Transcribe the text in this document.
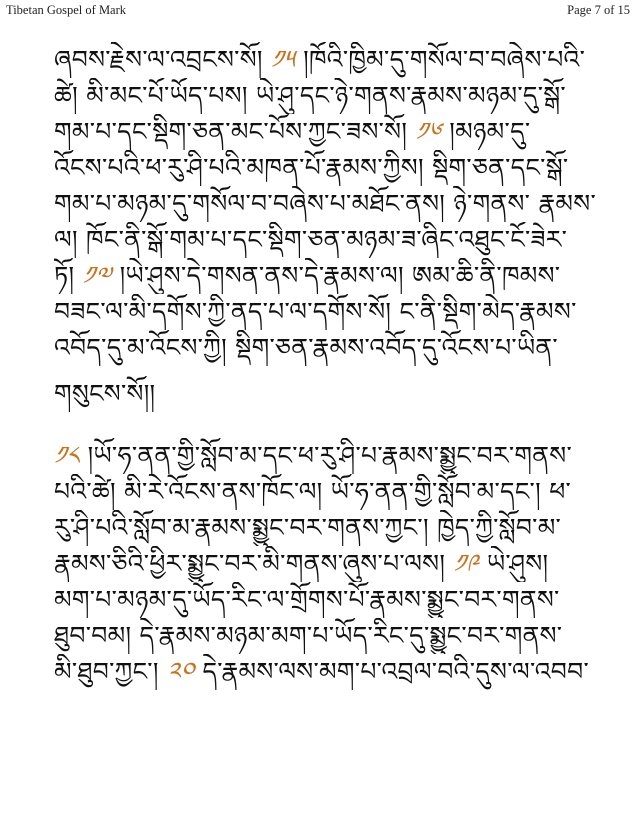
Tibetan Gospel of Mark	Page 7 of 15
ཞབས་རྗེས་ལ་འབྲངས་སོ། ༡༥ །ཁོའི་ཁྱིམ་དུ་གསོལ་བ་བཞེས་པའི་
ཚེ། མི་མང་པོ་ཡོད་པས། ཡེ་ཤུ་དང་ཉེ་གནས་རྣམས་མཉམ་དུ་སྒོ་
གམ་པ་དང་སྡིག་ཅན་མང་པོས་ཀྱང་ཟས་སོ། ༡༦ །མཉམ་དུ་
འོངས་པའི་ཕ་རུ་ཤི་པའི་མཁན་པོ་རྣམས་ཀྱིས། སྡིག་ཅན་དང་སྒོ་
གམ་པ་མཉམ་དུ་གསོལ་བ་བཞེས་པ་མཐོང་ནས། ཉེ་གནས་ རྣམས་
ལ། ཁོང་ནི་སྒོ་གམ་པ་དང་སྡིག་ཅན་མཉམ་ཟ་ཞིང་འཐུང་ངོ་ཟེར་
ཏོ། ༡༧ །ཡེ་ཤུས་དེ་གསན་ནས་དེ་རྣམས་ལ། ཨམ་ཆི་ནི་ཁམས་
བཟང་ལ་མི་དགོས་ཀྱི་ནད་པ་ལ་དགོས་སོ། ང་ནི་སྡིག་མེད་རྣམས་
འབོད་དུ་མ་འོངས་ཀྱི། སྡིག་ཅན་རྣམས་འབོད་དུ་འོངས་པ་ཡིན་
གསུངས་སོ།།
༡༨ །ཡོ་ཧ་ནན་གྱི་སློབ་མ་དང་ཕ་རུ་ཤི་པ་རྣམས་སྨྱུང་བར་གནས་
པའི་ཚེ། མི་རེ་འོངས་ནས་ཁོང་ལ། ཡོ་ཧ་ནན་གྱི་སློབ་མ་དང་། ཕ་
རུ་ཤི་པའི་སློབ་མ་རྣམས་སྨྱུང་བར་གནས་ཀྱང་། ཁྱེད་ཀྱི་སློབ་མ་
རྣམས་ཅིའི་ཕྱིར་སྨྱུང་བར་མི་གནས་ཞུས་པ་ལས། ༡༩ ཡེ་ཤུས།
མག་པ་མཉམ་དུ་ཡོད་རིང་ལ་གྲོགས་པོ་རྣམས་སྨྱུང་བར་གནས་
ཐུབ་བམ། དེ་རྣམས་མཉམ་མག་པ་ཡོད་རིང་དུ་སྨྱུང་བར་གནས་
མི་ཐུབ་ཀྱང་། ༢༠ དེ་རྣམས་ལས་མག་པ་འབྲལ་བའི་དུས་ལ་འབབ་
